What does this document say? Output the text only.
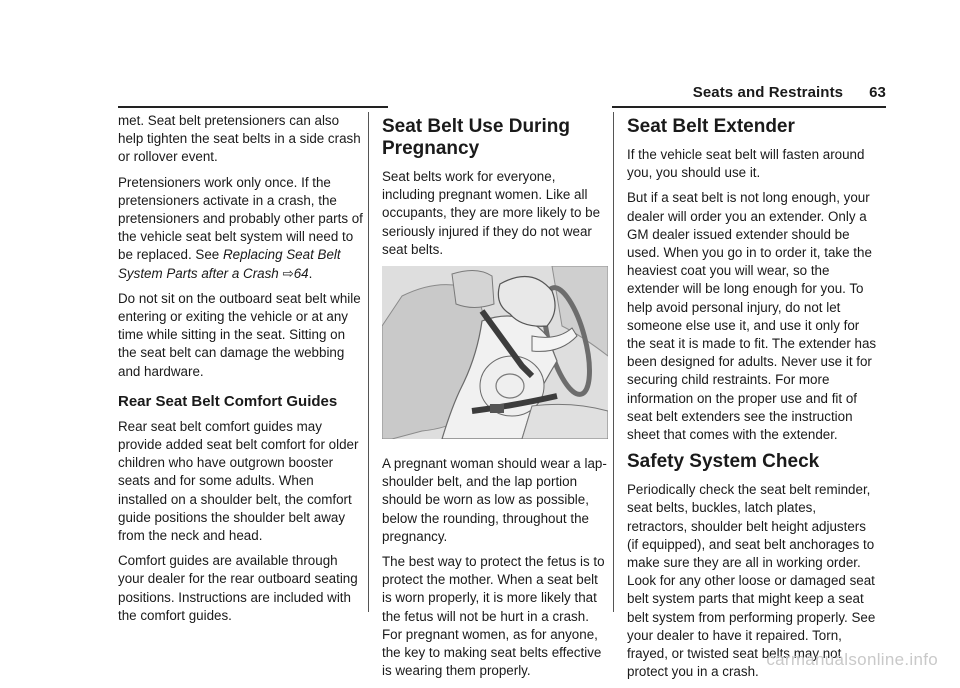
Seats and Restraints 63

met. Seat belt pretensioners can also help tighten the seat belts in a side crash or rollover event.

Pretensioners work only once. If the pretensioners activate in a crash, the pretensioners and probably other parts of the vehicle seat belt system will need to be replaced. See Replacing Seat Belt System Parts after a Crash ⇨64.

Do not sit on the outboard seat belt while entering or exiting the vehicle or at any time while sitting in the seat. Sitting on the seat belt can damage the webbing and hardware.

Rear Seat Belt Comfort Guides

Rear seat belt comfort guides may provide added seat belt comfort for older children who have outgrown booster seats and for some adults. When installed on a shoulder belt, the comfort guide positions the shoulder belt away from the neck and head.

Comfort guides are available through your dealer for the rear outboard seating positions. Instructions are included with the comfort guides.

Seat Belt Use During Pregnancy

Seat belts work for everyone, including pregnant women. Like all occupants, they are more likely to be seriously injured if they do not wear seat belts.

A pregnant woman should wear a lap-shoulder belt, and the lap portion should be worn as low as possible, below the rounding, throughout the pregnancy.

The best way to protect the fetus is to protect the mother. When a seat belt is worn properly, it is more likely that the fetus will not be hurt in a crash. For pregnant women, as for anyone, the key to making seat belts effective is wearing them properly.

Seat Belt Extender

If the vehicle seat belt will fasten around you, you should use it.

But if a seat belt is not long enough, your dealer will order you an extender. Only a GM dealer issued extender should be used. When you go in to order it, take the heaviest coat you will wear, so the extender will be long enough for you. To help avoid personal injury, do not let someone else use it, and use it only for the seat it is made to fit. The extender has been designed for adults. Never use it for securing child restraints. For more information on the proper use and fit of seat belt extenders see the instruction sheet that comes with the extender.

Safety System Check

Periodically check the seat belt reminder, seat belts, buckles, latch plates, retractors, shoulder belt height adjusters (if equipped), and seat belt anchorages to make sure they are all in working order. Look for any other loose or damaged seat belt system parts that might keep a seat belt system from performing properly. See your dealer to have it repaired. Torn, frayed, or twisted seat belts may not protect you in a crash.

carmanualsonline.info
